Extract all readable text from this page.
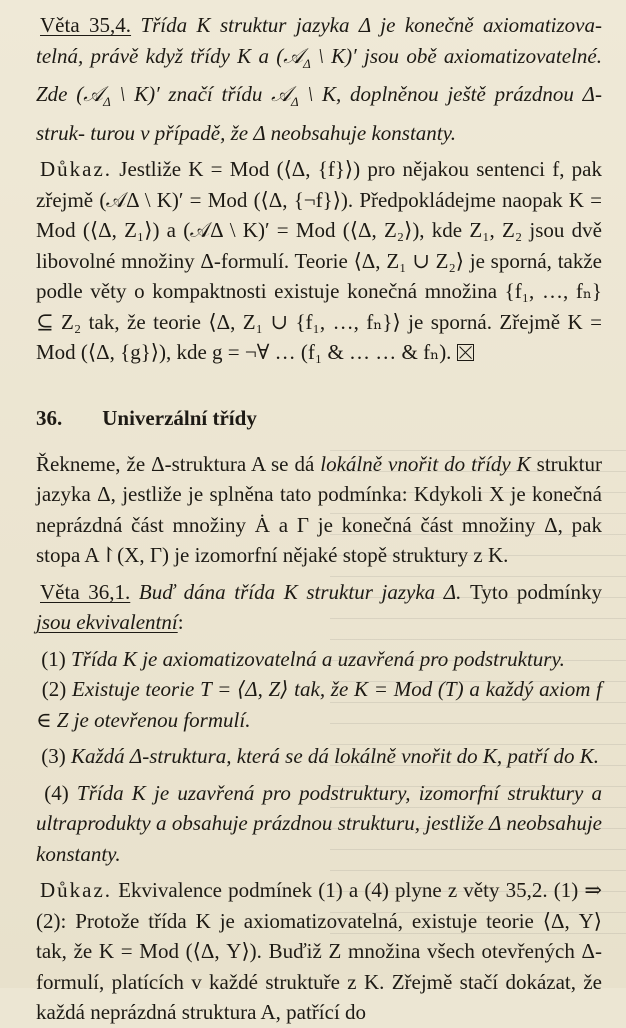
Věta 35,4. Třída K struktur jazyka Δ je konečně axiomatizova- telná, právě když třídy K a (𝒜$_\Delta$ \ K)′ jsou obě axiomatizovatelné. Zde (𝒜$_\Delta$ \ K)′ značí třídu 𝒜$_\Delta$ \ K, doplněnou ještě prázdnou Δ-struk- turou v případě, že Δ neobsahuje konstanty.

Důkaz. Jestliže K = Mod (⟨Δ, {f}⟩) pro nějakou sentenci f, pak zřejmě (𝒜Δ \ K)′ = Mod (⟨Δ, {¬f}⟩). Předpokládejme naopak K = Mod (⟨Δ, Z₁⟩) a (𝒜Δ \ K)′ = Mod (⟨Δ, Z₂⟩), kde Z₁, Z₂ jsou dvě libovolné množiny Δ-formulí. Teorie ⟨Δ, Z₁ ∪ Z₂⟩ je sporná, takže podle věty o kompaktnosti existuje konečná množina {f₁, …, fₙ} ⊆ Z₂ tak, že teorie ⟨Δ, Z₁ ∪ {f₁, …, fₙ}⟩ je sporná. Zřejmě K = Mod (⟨Δ, {g}⟩), kde g = ¬∀ … (f₁ & … … & fₙ).

36. Univerzální třídy

Řekneme, že Δ-struktura A se dá lokálně vnořit do třídy K struktur jazyka Δ, jestliže je splněna tato podmínka: Kdykoli X je konečná neprázdná část množiny Ȧ a Γ je konečná část množiny Δ, pak stopa A↾(X, Γ) je izomorfní nějaké stopě struktury z K.

Věta 36,1. Buď dána třída K struktur jazyka Δ. Tyto podmínky jsou ekvivalentní:

(1) Třída K je axiomatizovatelná a uzavřená pro podstruktury.

(2) Existuje teorie T = ⟨Δ, Z⟩ tak, že K = Mod (T) a každý axiom f ∈ Z je otevřenou formulí.

(3) Každá Δ-struktura, která se dá lokálně vnořit do K, patří do K.

(4) Třída K je uzavřená pro podstruktury, izomorfní struktury a ultraprodukty a obsahuje prázdnou strukturu, jestliže Δ neobsahuje konstanty.

Důkaz. Ekvivalence podmínek (1) a (4) plyne z věty 35,2. (1) ⇒ (2): Protože třída K je axiomatizovatelná, existuje teorie ⟨Δ, Y⟩ tak, že K = Mod (⟨Δ, Y⟩). Buďiž Z množina všech otevřených Δ-formulí, platících v každé struktuře z K. Zřejmě stačí dokázat, že každá neprázdná struktura A, patřící do
